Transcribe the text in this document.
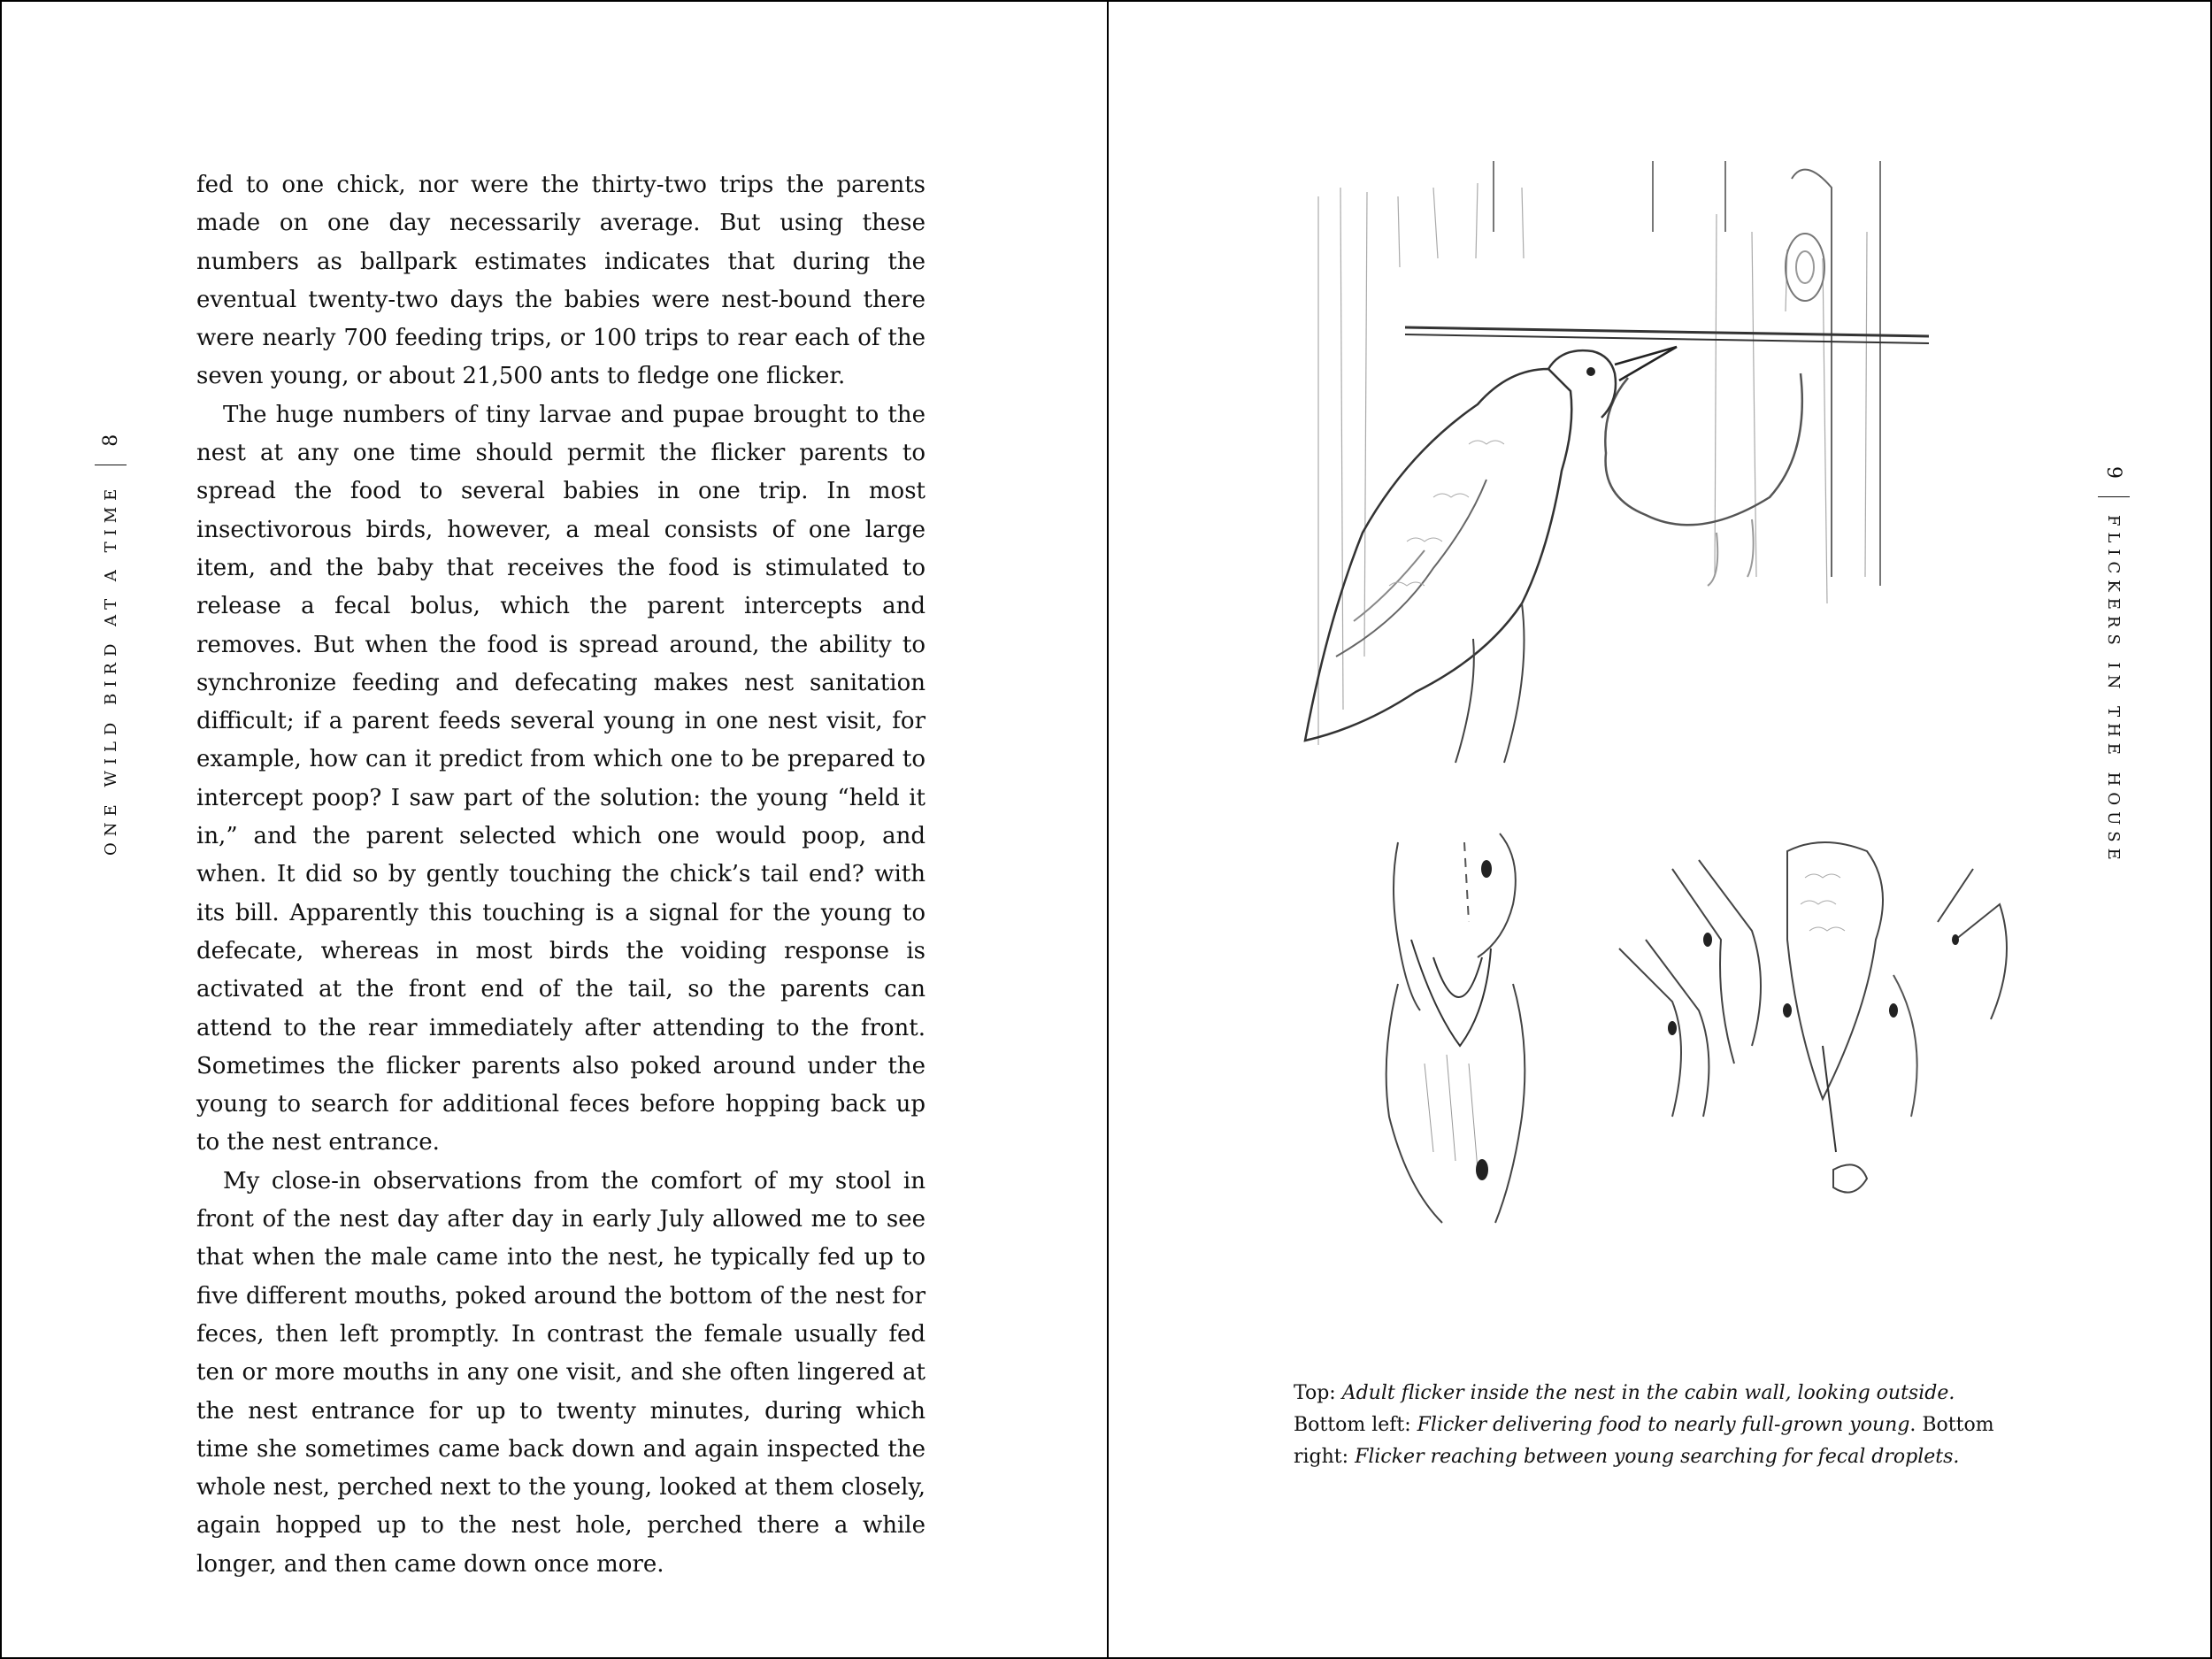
ONE WILD BIRD AT A TIME
8

fed to one chick, nor were the thirty-two trips the parents made on one day necessarily average. But using these numbers as ballpark estimates indicates that during the eventual twenty-two days the babies were nest-bound there were nearly 700 feeding trips, or 100 trips to rear each of the seven young, or about 21,500 ants to fledge one flicker.

The huge numbers of tiny larvae and pupae brought to the nest at any one time should permit the flicker parents to spread the food to several babies in one trip. In most insectivorous birds, however, a meal consists of one large item, and the baby that receives the food is stimulated to release a fecal bolus, which the parent intercepts and removes. But when the food is spread around, the ability to synchronize feeding and defecating makes nest sanitation difficult; if a parent feeds several young in one nest visit, for example, how can it predict from which one to be prepared to intercept poop? I saw part of the solution: the young “held it in,” and the parent selected which one would poop, and when. It did so by gently touching the chick’s tail end? with its bill. Apparently this touching is a signal for the young to defecate, whereas in most birds the voiding response is activated at the front end of the tail, so the parents can attend to the rear immediately after attending to the front. Sometimes the flicker parents also poked around under the young to search for additional feces before hopping back up to the nest entrance.

My close-in observations from the comfort of my stool in front of the nest day after day in early July allowed me to see that when the male came into the nest, he typically fed up to five different mouths, poked around the bottom of the nest for feces, then left promptly. In contrast the female usually fed ten or more mouths in any one visit, and she often lingered at the nest entrance for up to twenty minutes, during which time she sometimes came back down and again inspected the whole nest, perched next to the young, looked at them closely, again hopped up to the nest hole, perched there a while longer, and then came down once more.

9
FLICKERS IN THE HOUSE
Top: Adult flicker inside the nest in the cabin wall, looking outside. Bottom left: Flicker delivering food to nearly full-grown young. Bottom right: Flicker reaching between young searching for fecal droplets.
